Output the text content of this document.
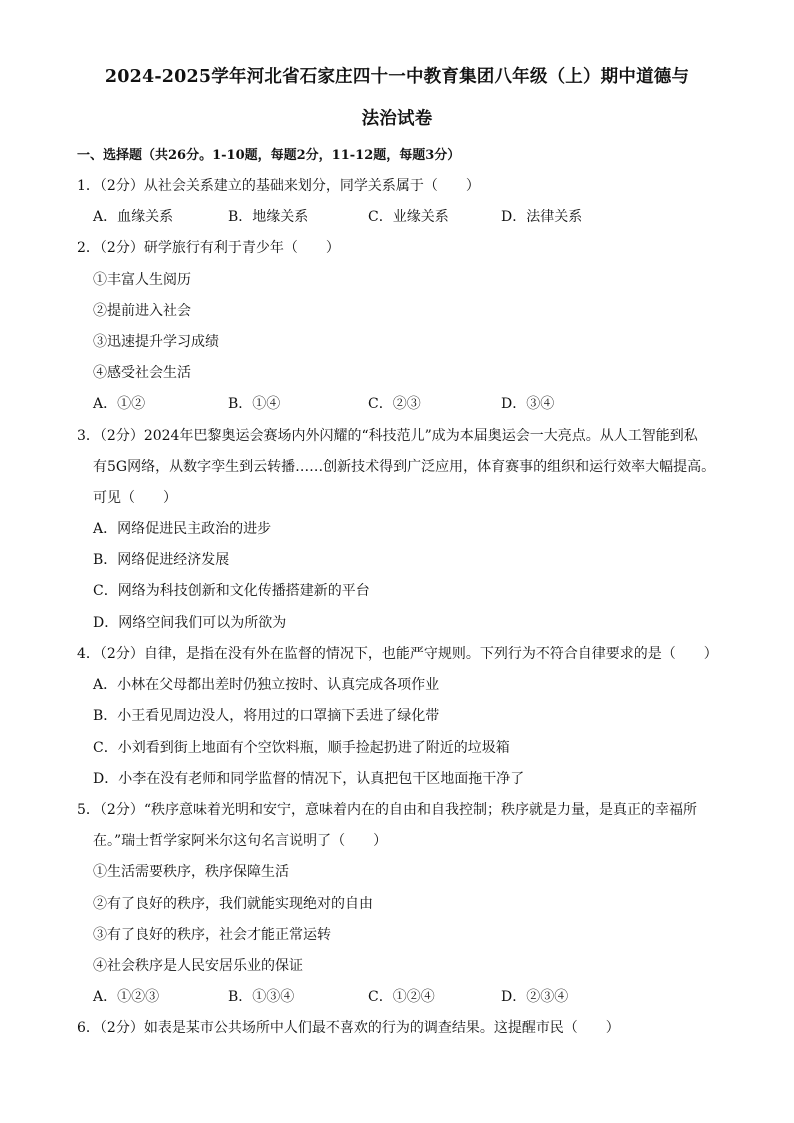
2024-2025学年河北省石家庄四十一中教育集团八年级（上）期中道德与
法治试卷
一、选择题（共26分。1-10题，每题2分，11-12题，每题3分）
1．（2分）从社会关系建立的基础来划分，同学关系属于（　　）
A．血缘关系	B．地缘关系	C．业缘关系	D．法律关系
2．（2分）研学旅行有利于青少年（　　）
①丰富人生阅历
②提前进入社会
③迅速提升学习成绩
④感受社会生活
A．①②	B．①④	C．②③	D．③④
3．（2分）2024年巴黎奥运会赛场内外闪耀的“科技范儿”成为本届奥运会一大亮点。从人工智能到私
有5G网络，从数字孪生到云转播……创新技术得到广泛应用，体育赛事的组织和运行效率大幅提高。
可见（　　）
A．网络促进民主政治的进步
B．网络促进经济发展
C．网络为科技创新和文化传播搭建新的平台
D．网络空间我们可以为所欲为
4．（2分）自律，是指在没有外在监督的情况下，也能严守规则。下列行为不符合自律要求的是（　　）
A．小林在父母都出差时仍独立按时、认真完成各项作业
B．小王看见周边没人，将用过的口罩摘下丢进了绿化带
C．小刘看到街上地面有个空饮料瓶，顺手捡起扔进了附近的垃圾箱
D．小李在没有老师和同学监督的情况下，认真把包干区地面拖干净了
5．（2分）“秩序意味着光明和安宁，意味着内在的自由和自我控制；秩序就是力量，是真正的幸福所
在。”瑞士哲学家阿米尔这句名言说明了（　　）
①生活需要秩序，秩序保障生活
②有了良好的秩序，我们就能实现绝对的自由
③有了良好的秩序，社会才能正常运转
④社会秩序是人民安居乐业的保证
A．①②③	B．①③④	C．①②④	D．②③④
6．（2分）如表是某市公共场所中人们最不喜欢的行为的调查结果。这提醒市民（　　）
